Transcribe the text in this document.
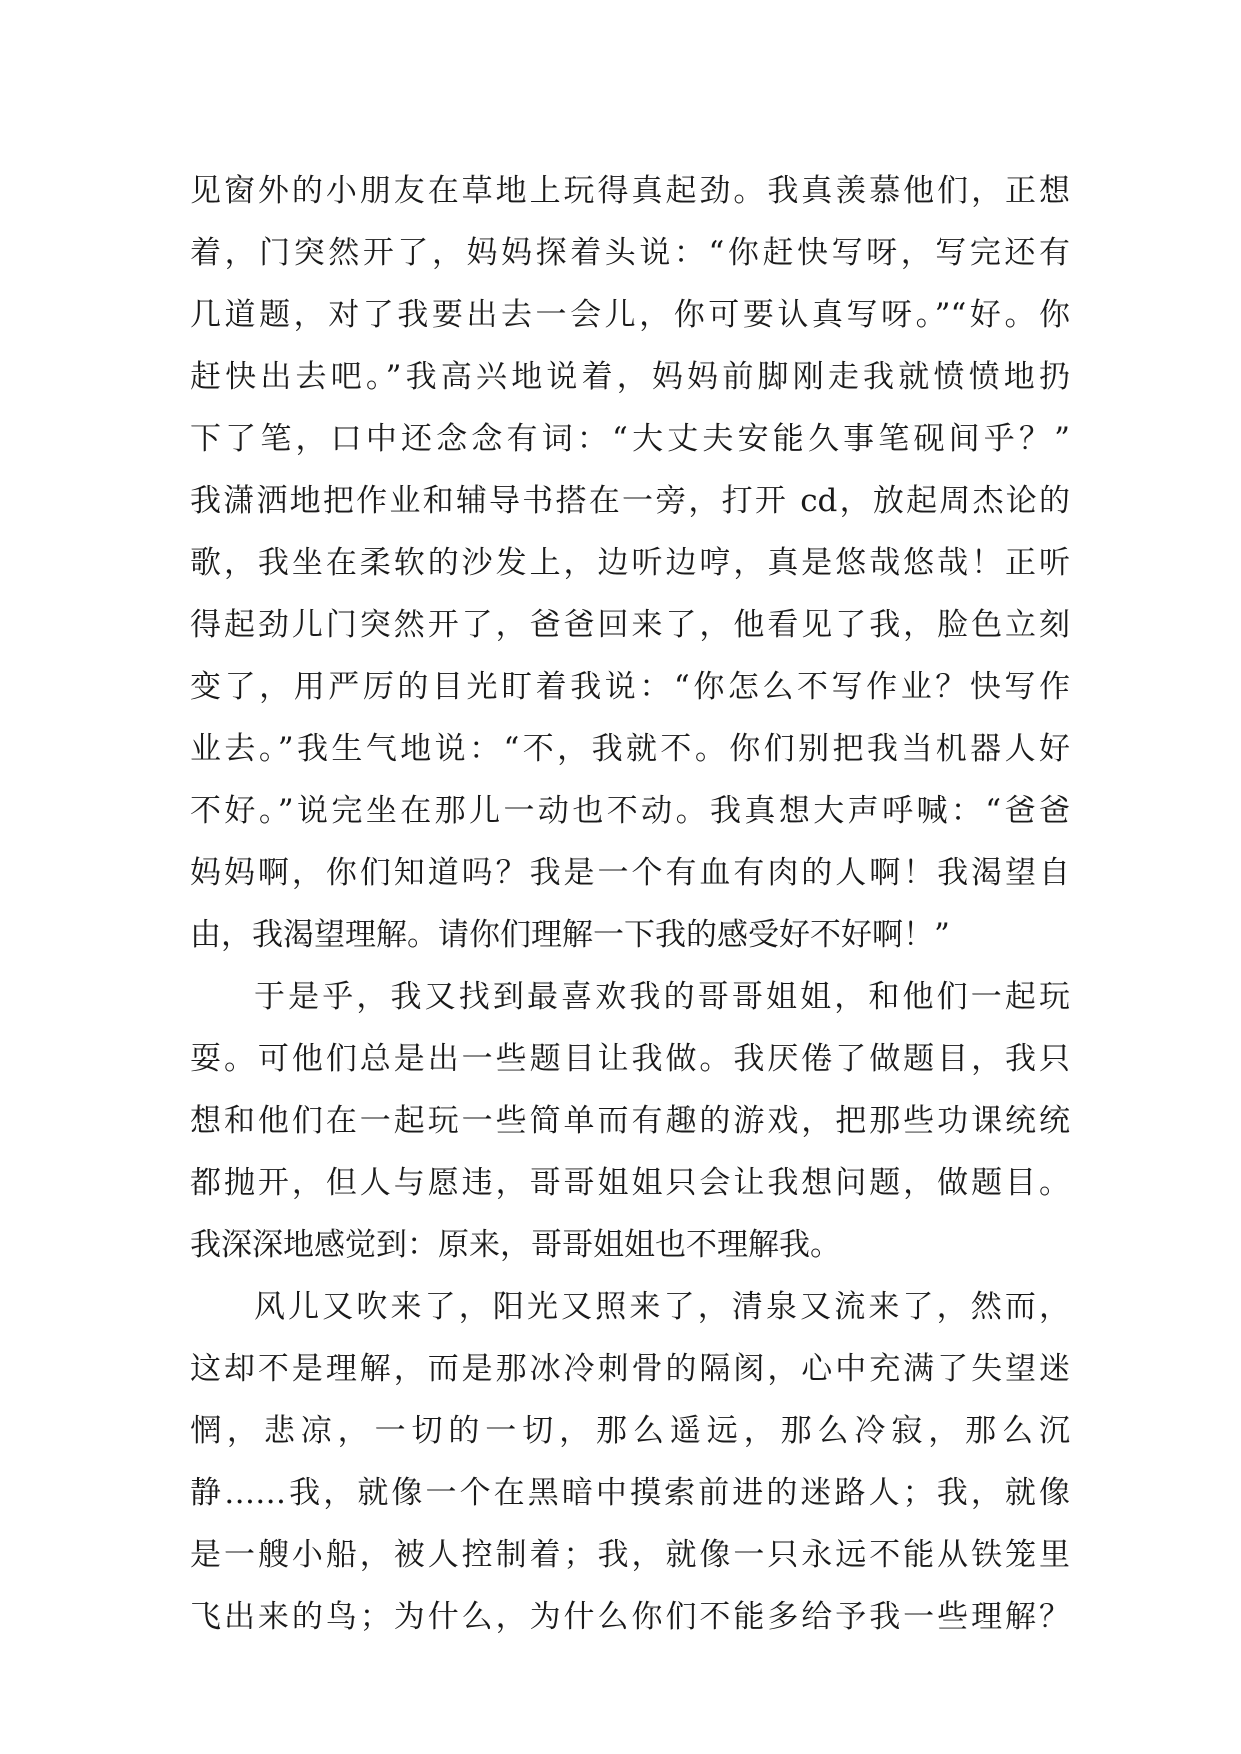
见窗外的小朋友在草地上玩得真起劲。我真羡慕他们，正想
着，门突然开了，妈妈探着头说：“你赶快写呀，写完还有
几道题，对了我要出去一会儿，你可要认真写呀。”“好。你
赶快出去吧。”我高兴地说着，妈妈前脚刚走我就愤愤地扔
下了笔，口中还念念有词：“大丈夫安能久事笔砚间乎？”
我潇洒地把作业和辅导书搭在一旁，打开 cd，放起周杰论的
歌，我坐在柔软的沙发上，边听边哼，真是悠哉悠哉！正听
得起劲儿门突然开了，爸爸回来了，他看见了我，脸色立刻
变了，用严厉的目光盯着我说：“你怎么不写作业？快写作
业去。”我生气地说：“不，我就不。你们别把我当机器人好
不好。”说完坐在那儿一动也不动。我真想大声呼喊：“爸爸
妈妈啊，你们知道吗？我是一个有血有肉的人啊！我渴望自
由，我渴望理解。请你们理解一下我的感受好不好啊！”
于是乎，我又找到最喜欢我的哥哥姐姐，和他们一起玩
耍。可他们总是出一些题目让我做。我厌倦了做题目，我只
想和他们在一起玩一些简单而有趣的游戏，把那些功课统统
都抛开，但人与愿违，哥哥姐姐只会让我想问题，做题目。
我深深地感觉到：原来，哥哥姐姐也不理解我。
风儿又吹来了，阳光又照来了，清泉又流来了，然而，
这却不是理解，而是那冰冷刺骨的隔阂，心中充满了失望迷
惘，悲凉，一切的一切，那么遥远，那么冷寂，那么沉
静……我，就像一个在黑暗中摸索前进的迷路人；我，就像
是一艘小船，被人控制着；我，就像一只永远不能从铁笼里
飞出来的鸟；为什么，为什么你们不能多给予我一些理解？
